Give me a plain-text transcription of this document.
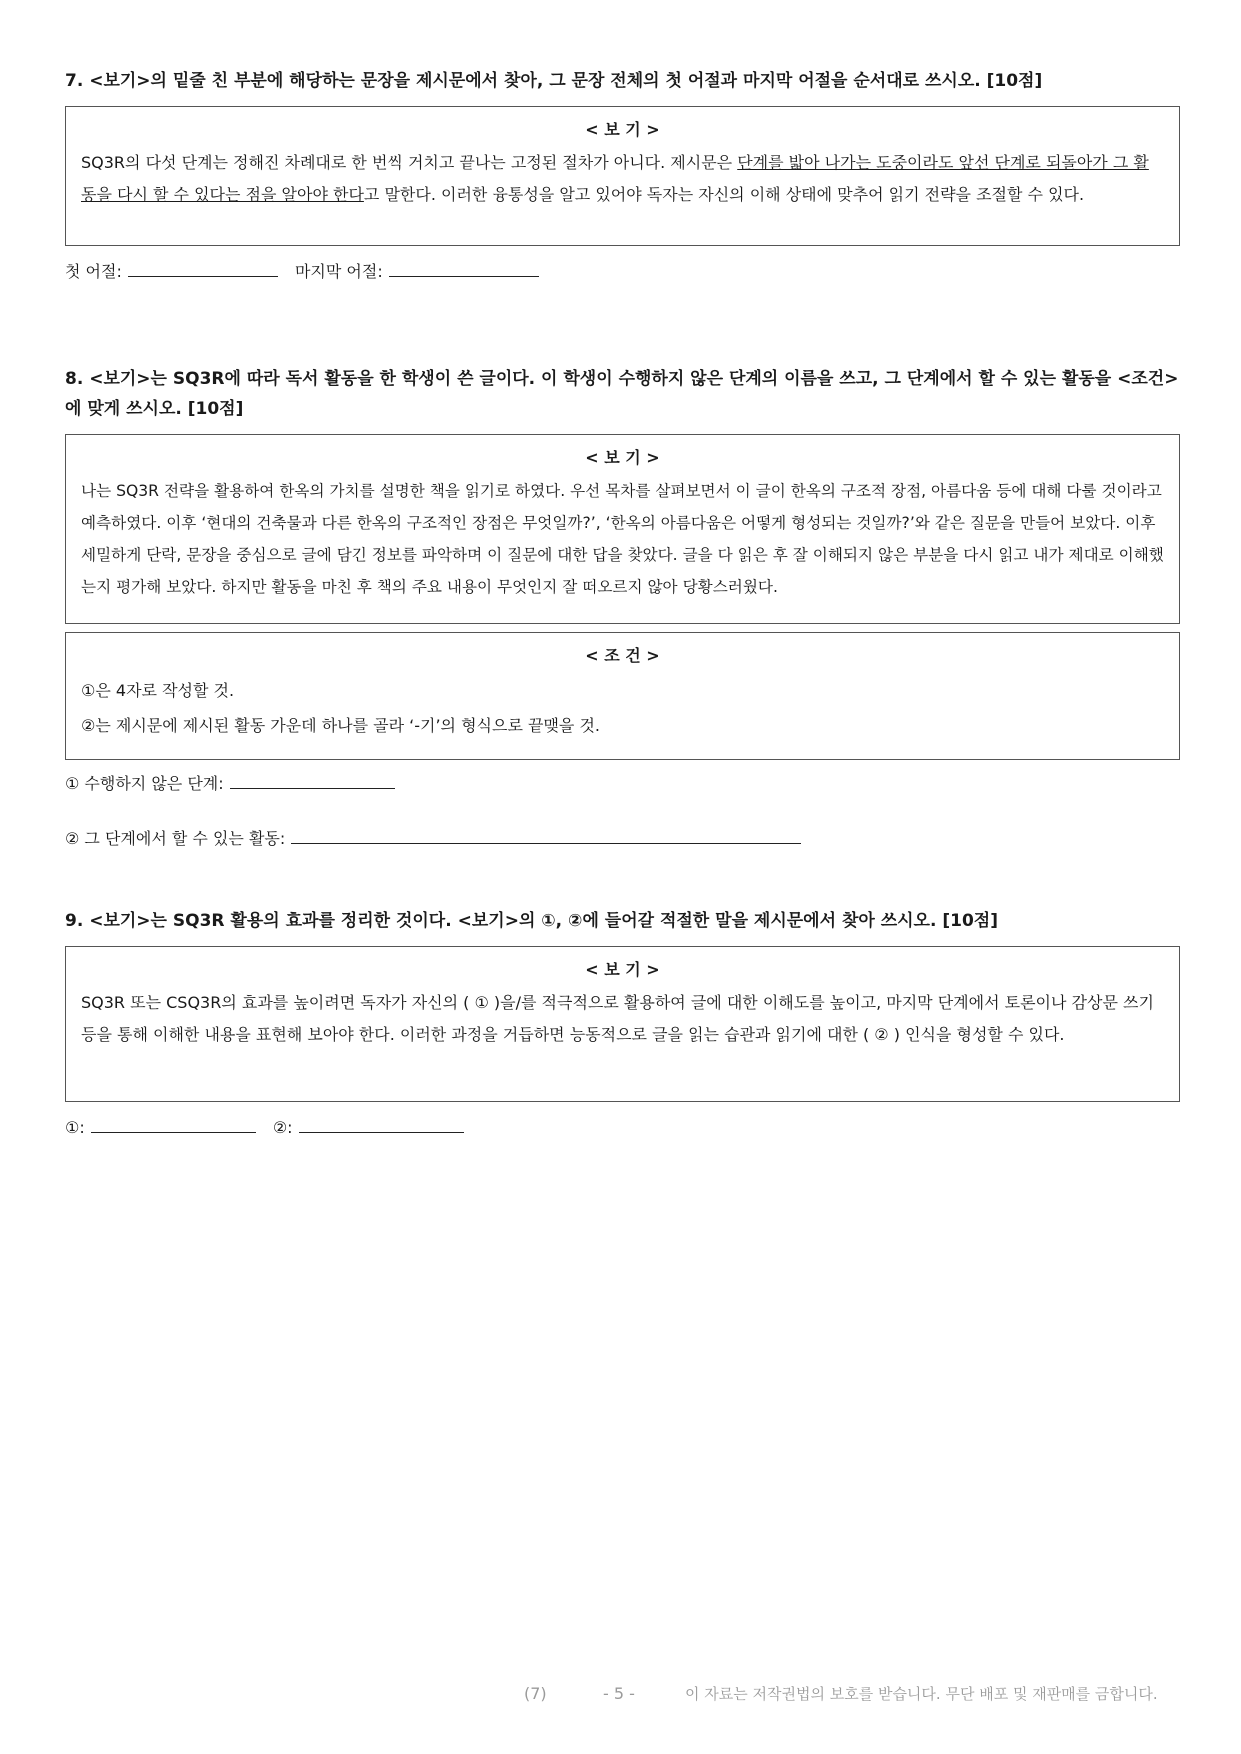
7. <보기>의 밑줄 친 부분에 해당하는 문장을 제시문에서 찾아, 그 문장 전체의 첫 어절과 마지막 어절을 순서대로 쓰시오. [10점]

< 보 기 >
SQ3R의 다섯 단계는 정해진 차례대로 한 번씩 거치고 끝나는 고정된 절차가 아니다. 제시문은 단계를 밟아 나가는 도중이라도 앞선 단계로 되돌아가 그 활동을 다시 할 수 있다는 점을 알아야 한다고 말한다. 이러한 융통성을 알고 있어야 독자는 자신의 이해 상태에 맞추어 읽기 전략을 조절할 수 있다.
첫 어절:	마지막 어절:

8. <보기>는 SQ3R에 따라 독서 활동을 한 학생이 쓴 글이다. 이 학생이 수행하지 않은 단계의 이름을 쓰고, 그 단계에서 할 수 있는 활동을 <조건>에 맞게 쓰시오. [10점]

< 보 기 >
나는 SQ3R 전략을 활용하여 한옥의 가치를 설명한 책을 읽기로 하였다. 우선 목차를 살펴보면서 이 글이 한옥의 구조적 장점, 아름다움 등에 대해 다룰 것이라고 예측하였다. 이후 ‘현대의 건축물과 다른 한옥의 구조적인 장점은 무엇일까?’, ‘한옥의 아름다움은 어떻게 형성되는 것일까?’와 같은 질문을 만들어 보았다. 이후 세밀하게 단락, 문장을 중심으로 글에 담긴 정보를 파악하며 이 질문에 대한 답을 찾았다. 글을 다 읽은 후 잘 이해되지 않은 부분을 다시 읽고 내가 제대로 이해했는지 평가해 보았다. 하지만 활동을 마친 후 책의 주요 내용이 무엇인지 잘 떠오르지 않아 당황스러웠다.
< 조 건 >
①은 4자로 작성할 것.
②는 제시문에 제시된 활동 가운데 하나를 골라 ‘-기’의 형식으로 끝맺을 것.
① 수행하지 않은 단계:
② 그 단계에서 할 수 있는 활동:

9. <보기>는 SQ3R 활용의 효과를 정리한 것이다. <보기>의 ①, ②에 들어갈 적절한 말을 제시문에서 찾아 쓰시오. [10점]

< 보 기 >
SQ3R 또는 CSQ3R의 효과를 높이려면 독자가 자신의 ( ① )을/를 적극적으로 활용하여 글에 대한 이해도를 높이고, 마지막 단계에서 토론이나 감상문 쓰기 등을 통해 이해한 내용을 표현해 보아야 한다. 이러한 과정을 거듭하면 능동적으로 글을 읽는 습관과 읽기에 대한 ( ② ) 인식을 형성할 수 있다.
①:	②:
(7)	- 5 -	이 자료는 저작권법의 보호를 받습니다. 무단 배포 및 재판매를 금합니다.
